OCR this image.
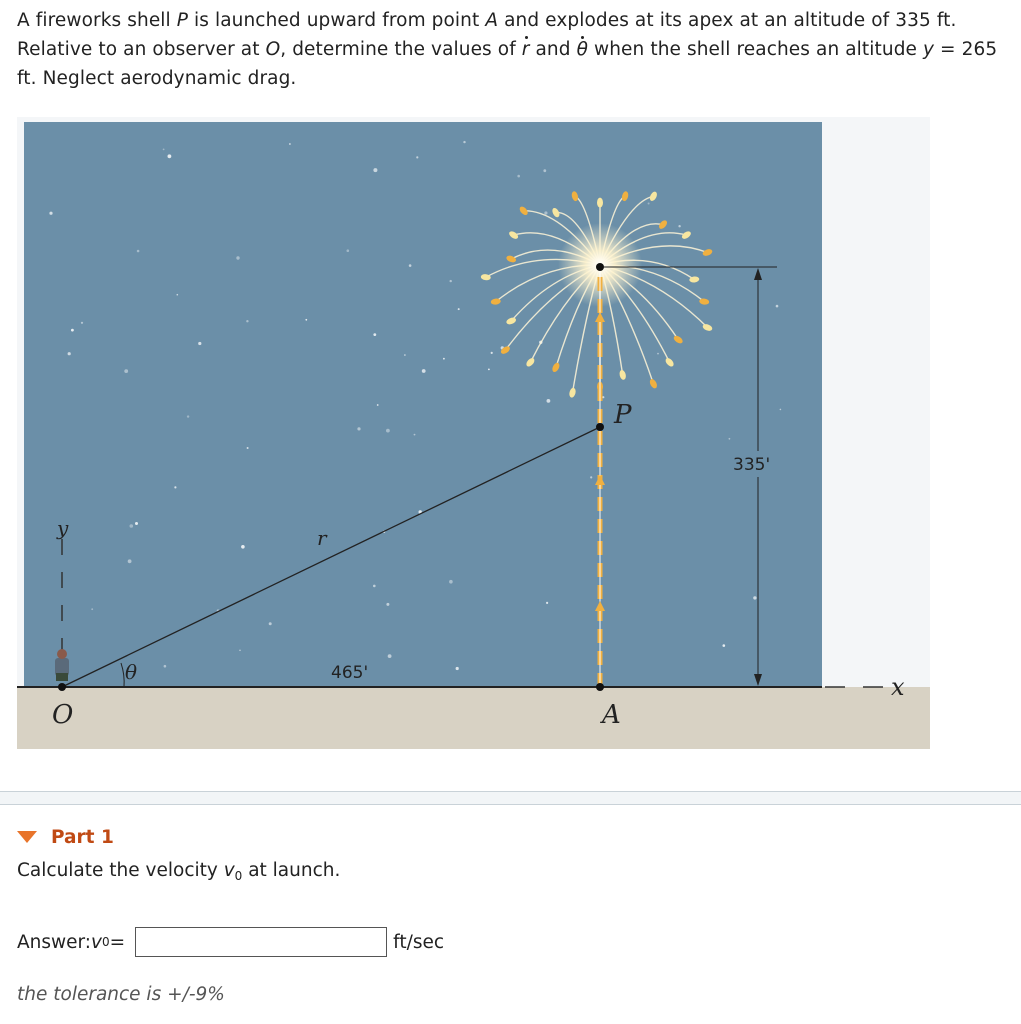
A fireworks shell P is launched upward from point A and explodes at its apex at an altitude of 335 ft. Relative to an observer at O, determine the values of r and θ when the shell reaches an altitude y = 265 ft. Neglect aerodynamic drag.
A
P
O
r
θ
y
x
465'
335'
Part 1
Calculate the velocity $v_0$ at launch.
Answer: v 0 =	ft/sec
the tolerance is +/-9%
